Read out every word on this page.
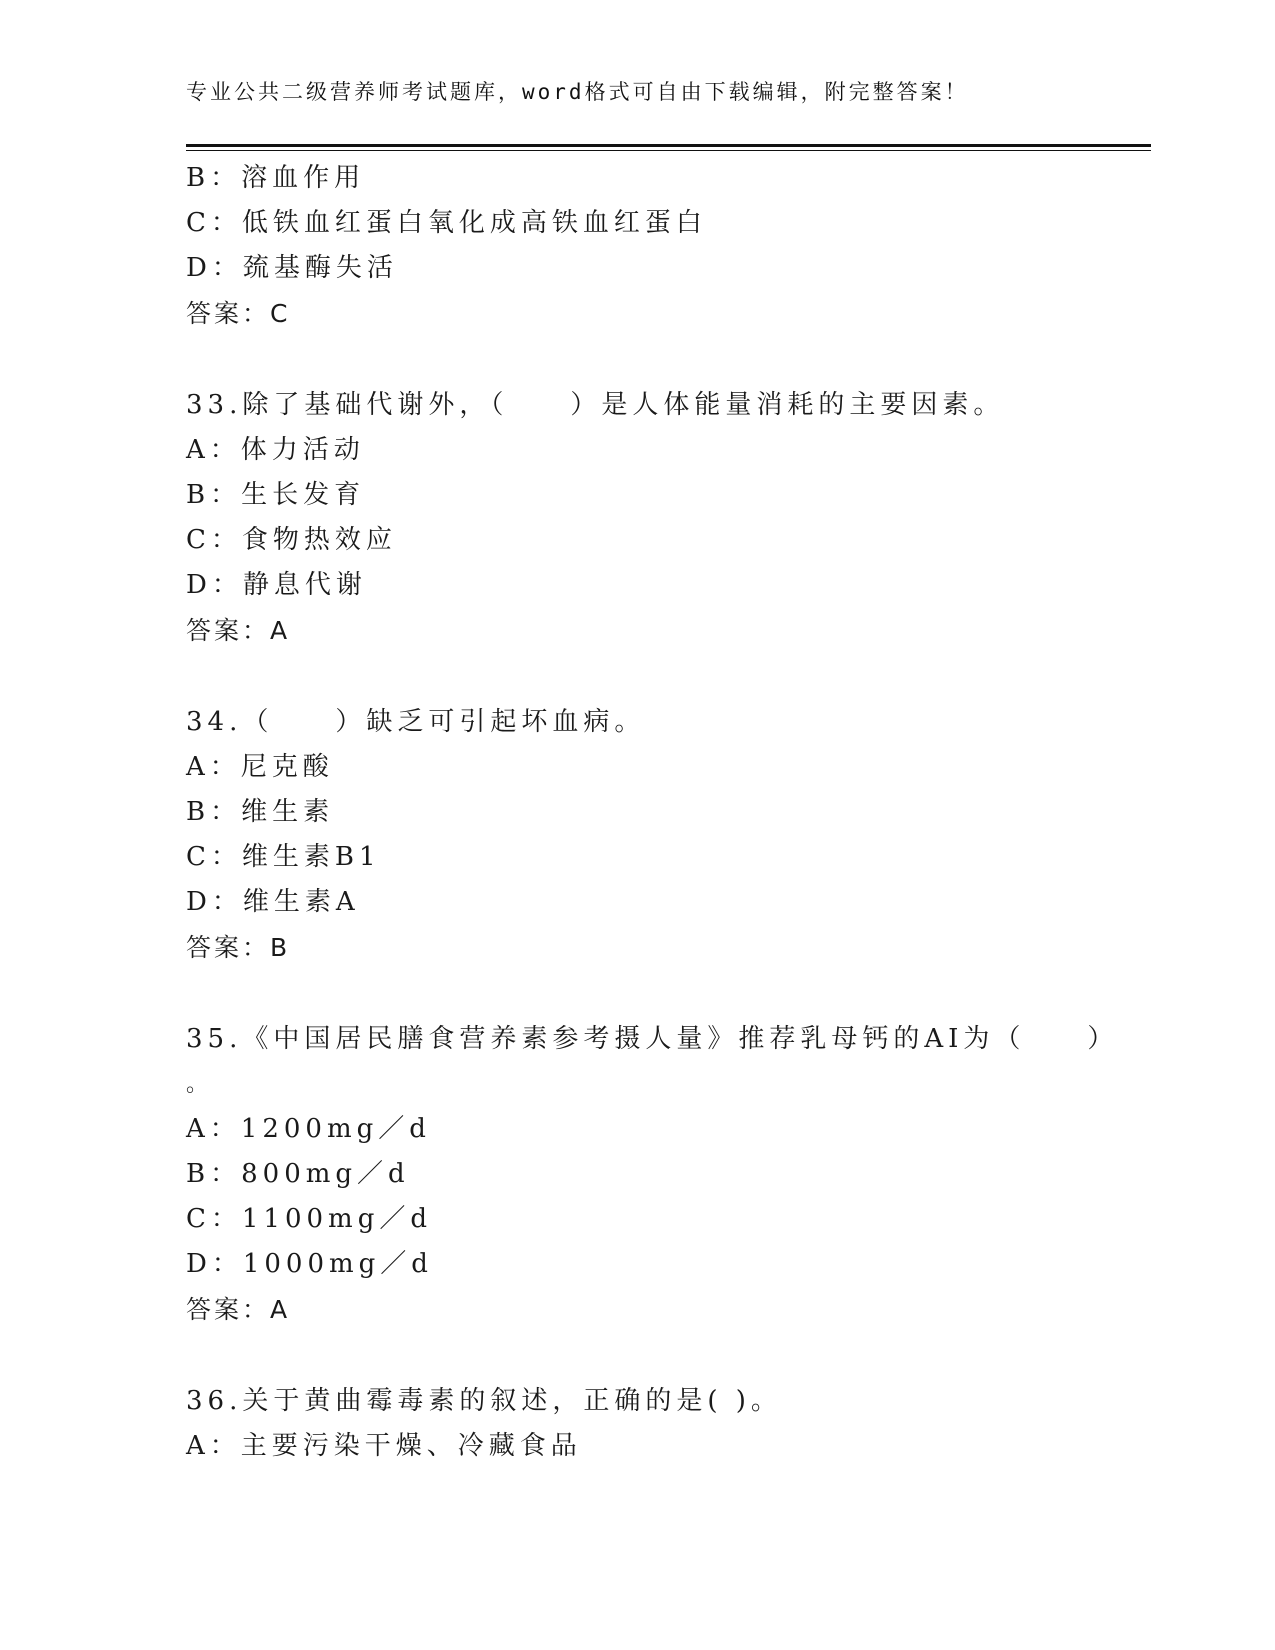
专业公共二级营养师考试题库，word格式可自由下载编辑，附完整答案！
B：溶血作用
C：低铁血红蛋白氧化成高铁血红蛋白
D：巯基酶失活
答案：C
33.除了基础代谢外，（　　）是人体能量消耗的主要因素。
A：体力活动
B：生长发育
C：食物热效应
D：静息代谢
答案：A
34.（　　）缺乏可引起坏血病。
A：尼克酸
B：维生素
C：维生素B1
D：维生素A
答案：B
35.《中国居民膳食营养素参考摄人量》推荐乳母钙的AI为（　　）
。
A：1200mg／d
B：800mg／d
C：1100mg／d
D：1000mg／d
答案：A
36.关于黄曲霉毒素的叙述，正确的是( )。
A：主要污染干燥、冷藏食品
